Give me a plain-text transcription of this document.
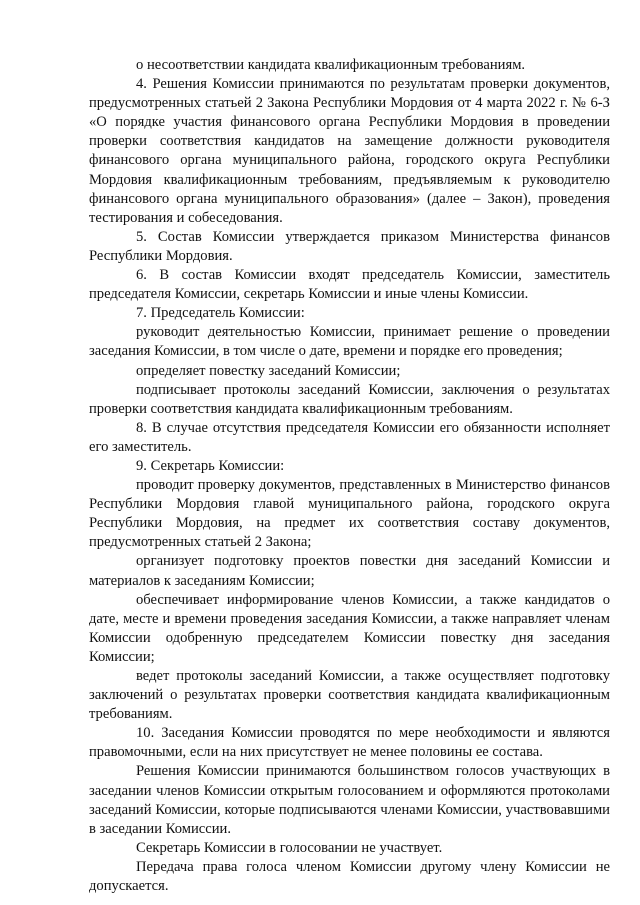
о несоответствии кандидата квалификационным требованиям.

4. Решения Комиссии принимаются по результатам проверки документов, предусмотренных статьей 2 Закона Республики Мордовия от 4 марта 2022 г. № 6-З «О порядке участия финансового органа Республики Мордовия в проведении проверки соответствия кандидатов на замещение должности руководителя финансового органа муниципального района, городского округа Республики Мордовия квалификационным требованиям, предъявляемым к руководителю финансового органа муниципального образования» (далее – Закон), проведения тестирования и собеседования.

5. Состав Комиссии утверждается приказом Министерства финансов Республики Мордовия.

6. В состав Комиссии входят председатель Комиссии, заместитель председателя Комиссии, секретарь Комиссии и иные члены Комиссии.

7. Председатель Комиссии:

руководит деятельностью Комиссии, принимает решение о проведении заседания Комиссии, в том числе о дате, времени и порядке его проведения;

определяет повестку заседаний Комиссии;

подписывает протоколы заседаний Комиссии, заключения о результатах проверки соответствия кандидата квалификационным требованиям.

8. В случае отсутствия председателя Комиссии его обязанности исполняет его заместитель.

9. Секретарь Комиссии:

проводит проверку документов, представленных в Министерство финансов Республики Мордовия главой муниципального района, городского округа Республики Мордовия, на предмет их соответствия составу документов, предусмотренных статьей 2 Закона;

организует подготовку проектов повестки дня заседаний Комиссии и материалов к заседаниям Комиссии;

обеспечивает информирование членов Комиссии, а также кандидатов о дате, месте и времени проведения заседания Комиссии, а также направляет членам Комиссии одобренную председателем Комиссии повестку дня заседания Комиссии;

ведет протоколы заседаний Комиссии, а также осуществляет подготовку заключений о результатах проверки соответствия кандидата квалификационным требованиям.

10. Заседания Комиссии проводятся по мере необходимости и являются правомочными, если на них присутствует не менее половины ее состава.

Решения Комиссии принимаются большинством голосов участвующих в заседании членов Комиссии открытым голосованием и оформляются протоколами заседаний Комиссии, которые подписываются членами Комиссии, участвовавшими в заседании Комиссии.

Секретарь Комиссии в голосовании не участвует.

Передача права голоса членом Комиссии другому члену Комиссии не допускается.
